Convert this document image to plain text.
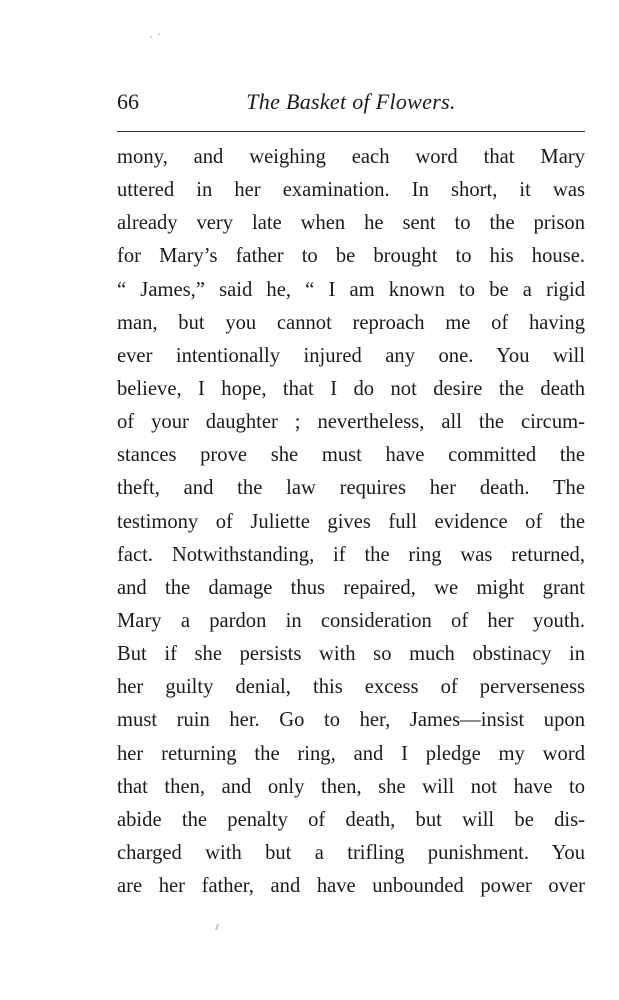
The Basket of Flowers.
66
mony, and weighing each word that Mary
uttered in her examination. In short, it was
already very late when he sent to the prison
for Mary’s father to be brought to his house.
“ James,” said he, “ I am known to be a rigid
man, but you cannot reproach me of having
ever intentionally injured any one. You will
believe, I hope, that I do not desire the death
of your daughter ; nevertheless, all the circum-
stances prove she must have committed the
theft, and the law requires her death. The
testimony of Juliette gives full evidence of the
fact. Notwithstanding, if the ring was returned,
and the damage thus repaired, we might grant
Mary a pardon in consideration of her youth.
But if she persists with so much obstinacy in
her guilty denial, this excess of perverseness
must ruin her. Go to her, James—insist upon
her returning the ring, and I pledge my word
that then, and only then, she will not have to
abide the penalty of death, but will be dis-
charged with but a trifling punishment. You
are her father, and have unbounded power over
